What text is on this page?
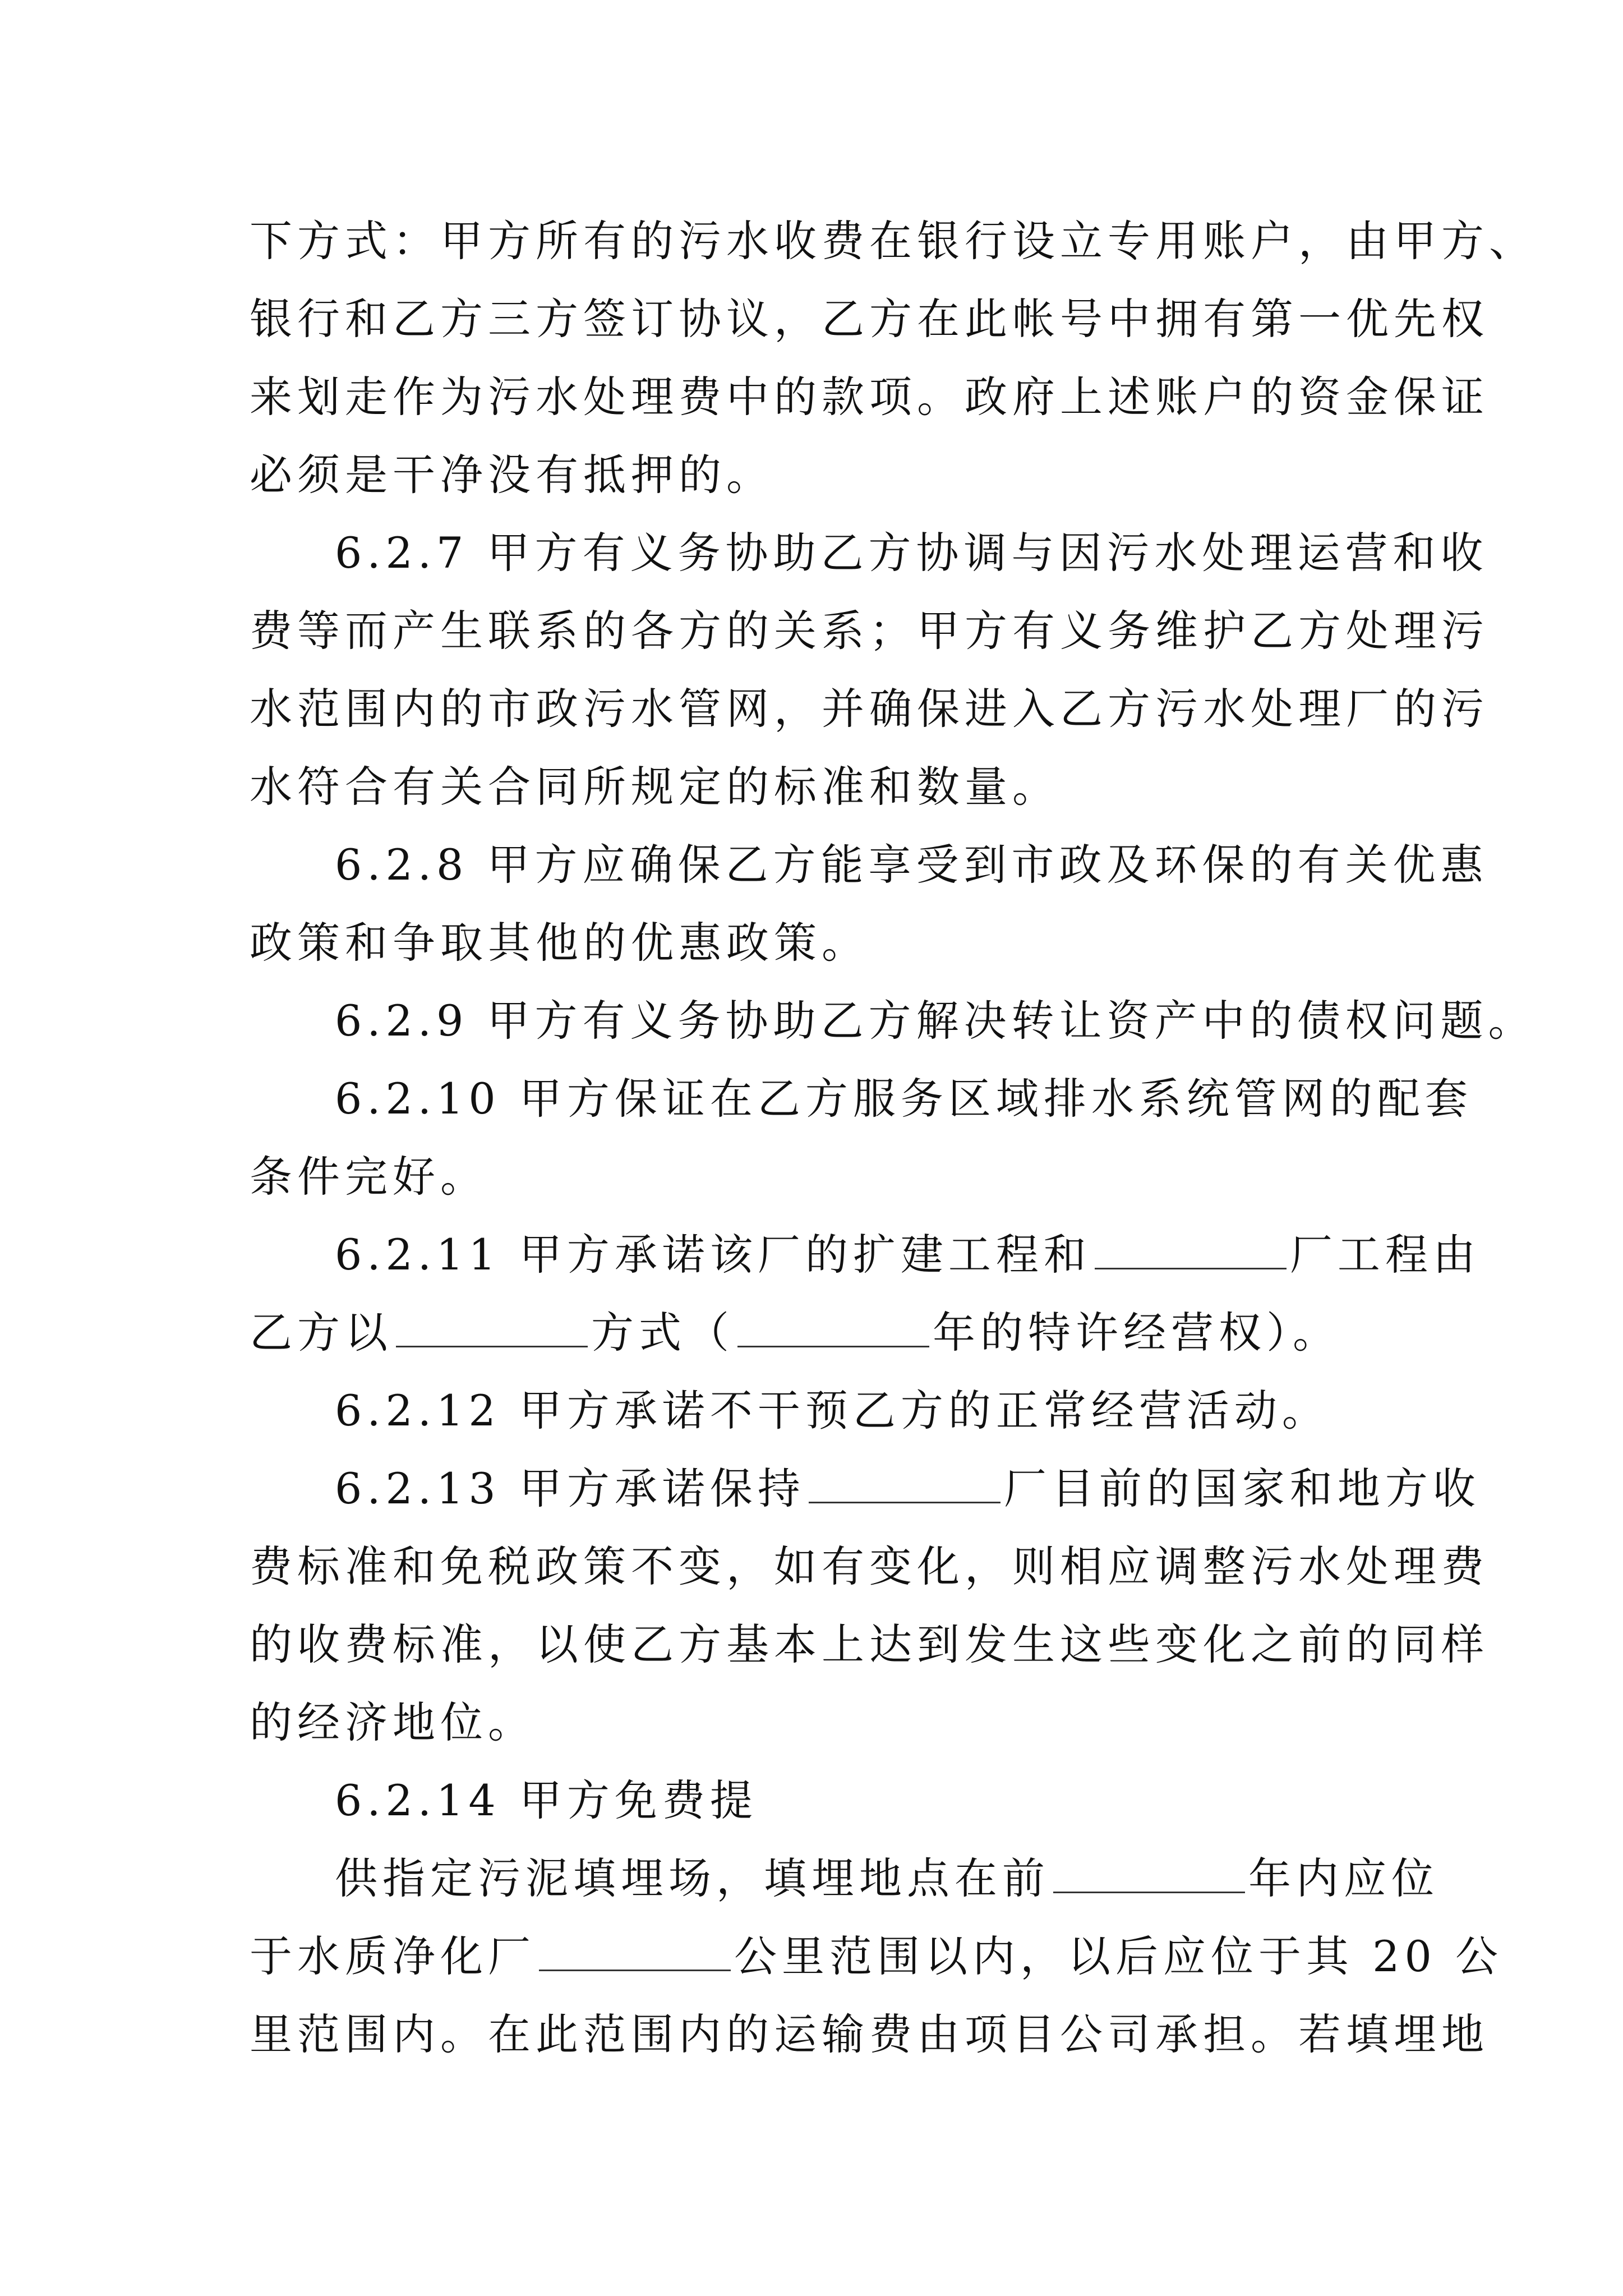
下方式：甲方所有的污水收费在银行设立专用账户，由甲方、
银行和乙方三方签订协议，乙方在此帐号中拥有第一优先权
来划走作为污水处理费中的款项。政府上述账户的资金保证
必须是干净没有抵押的。
6.2.7 甲方有义务协助乙方协调与因污水处理运营和收
费等而产生联系的各方的关系；甲方有义务维护乙方处理污
水范围内的市政污水管网，并确保进入乙方污水处理厂的污
水符合有关合同所规定的标准和数量。
6.2.8 甲方应确保乙方能享受到市政及环保的有关优惠
政策和争取其他的优惠政策。
6.2.9 甲方有义务协助乙方解决转让资产中的债权问题。
6.2.10 甲方保证在乙方服务区域排水系统管网的配套
条件完好。
6.2.11 甲方承诺该厂的扩建工程和	厂工程由
乙方以	方式（	年的特许经营权）。
6.2.12 甲方承诺不干预乙方的正常经营活动。
6.2.13 甲方承诺保持	厂目前的国家和地方收
费标准和免税政策不变，如有变化，则相应调整污水处理费
的收费标准，以使乙方基本上达到发生这些变化之前的同样
的经济地位。
6.2.14 甲方免费提
供指定污泥填埋场，填埋地点在前	年内应位
于水质净化厂	公里范围以内，以后应位于其 20 公
里范围内。在此范围内的运输费由项目公司承担。若填埋地
